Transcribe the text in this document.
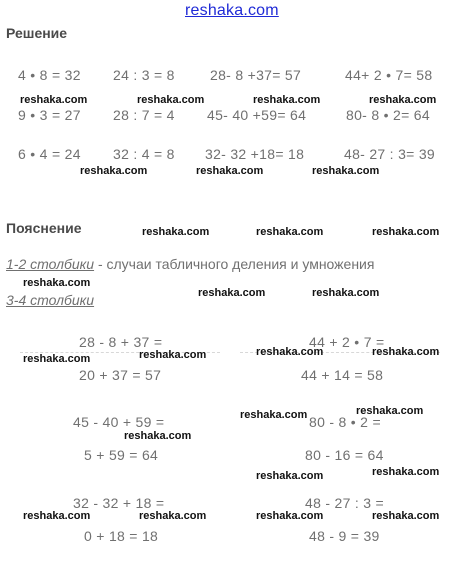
reshaka.com
Решение
4 • 8 = 32 24 : 3 = 8	28- 8 +37= 57	44+ 2 • 7= 58
9 • 3 = 27 28 : 7 = 4 45- 40 +59= 64	80- 8 • 2= 64
6 • 4 = 24 32 : 4 = 8 32- 32 +18= 18	48- 27 : 3= 39
Пояснение
1-2 столбики - случаи табличного деления и умножения
3-4 столбики
28 - 8 + 37 =
20 + 37 = 57
44 + 2 • 7 =
44 + 14 = 58
45 - 40 + 59 =
5 + 59 = 64
80 - 8 • 2 =
80 - 16 = 64
32 - 32 + 18 =
0 + 18 = 18
48 - 27 : 3 =
48 - 9 = 39
reshaka.com	reshaka.com	reshaka.com	reshaka.com
reshaka.com	reshaka.com	reshaka.com
reshaka.com	reshaka.com	reshaka.com
reshaka.com
reshaka.com	reshaka.com
reshaka.com	reshaka.com	reshaka.com
reshaka.com
reshaka.com	reshaka.com
reshaka.com
reshaka.com	reshaka.com
reshaka.com	reshaka.com	reshaka.com	reshaka.com
